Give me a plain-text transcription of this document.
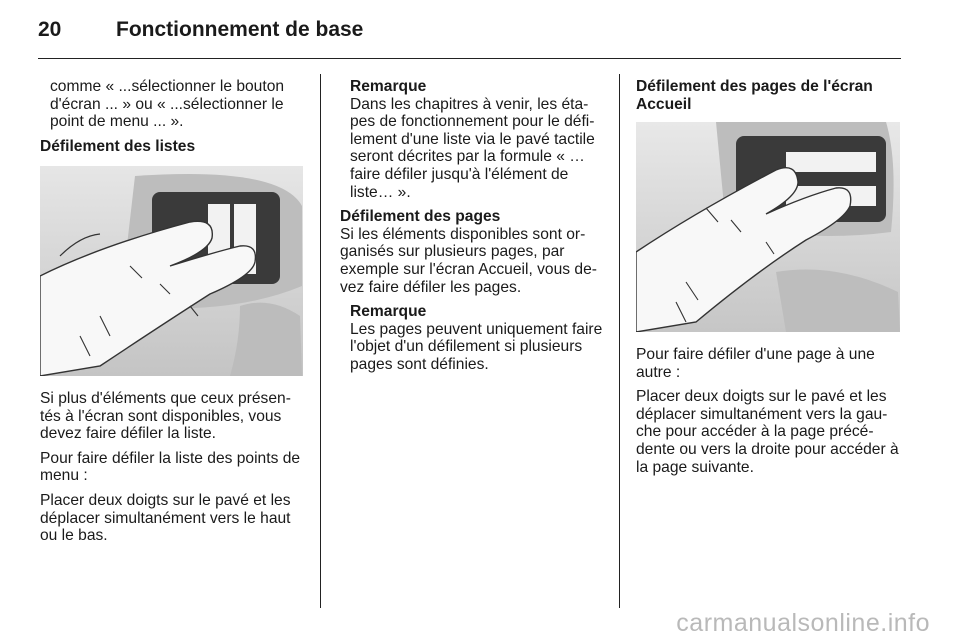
20	Fonctionnement de base

comme « ...sélectionner le bouton d'écran ... » ou « ...sélectionner le point de menu ... ».

Défilement des listes

Si plus d'éléments que ceux présen-tés à l'écran sont disponibles, vous devez faire défiler la liste.

Pour faire défiler la liste des points de menu :

Placer deux doigts sur le pavé et les déplacer simultanément vers le haut ou le bas.

Remarque
Dans les chapitres à venir, les éta-pes de fonctionnement pour le défi-lement d'une liste via le pavé tactile seront décrites par la formule « … faire défiler jusqu'à l'élément de liste… ».

Défilement des pages

Si les éléments disponibles sont or-ganisés sur plusieurs pages, par exemple sur l'écran Accueil, vous de-vez faire défiler les pages.

Remarque
Les pages peuvent uniquement faire l'objet d'un défilement si plusieurs pages sont définies.

Défilement des pages de l'écran Accueil

Pour faire défiler d'une page à une autre :

Placer deux doigts sur le pavé et les déplacer simultanément vers la gau-che pour accéder à la page précé-dente ou vers la droite pour accéder à la page suivante.

carmanualsonline.info
